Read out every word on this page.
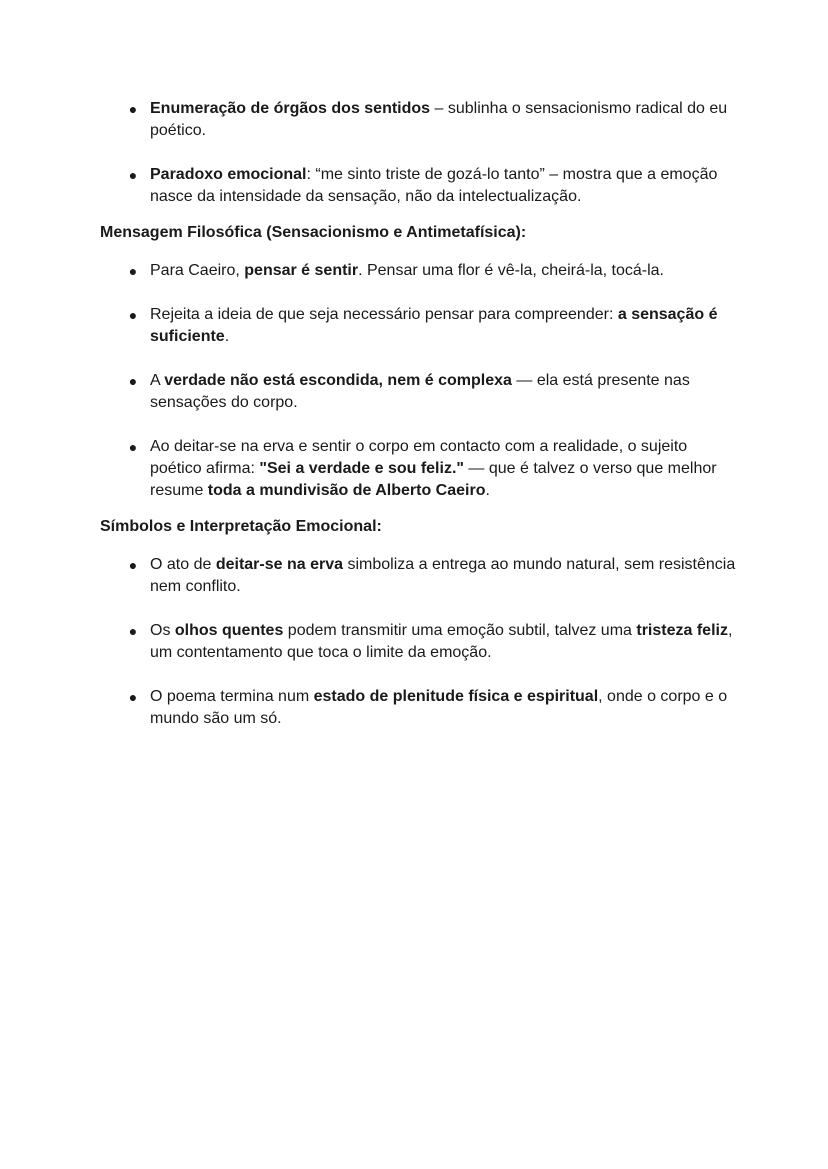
● Enumeração de órgãos dos sentidos – sublinha o sensacionismo radical do eu poético.
● Paradoxo emocional: “me sinto triste de gozá-lo tanto” – mostra que a emoção nasce da intensidade da sensação, não da intelectualização.
Mensagem Filosófica (Sensacionismo e Antimetafísica):
● Para Caeiro, pensar é sentir. Pensar uma flor é vê-la, cheirá-la, tocá-la.
● Rejeita a ideia de que seja necessário pensar para compreender: a sensação é suficiente.
● A verdade não está escondida, nem é complexa — ela está presente nas sensações do corpo.
● Ao deitar-se na erva e sentir o corpo em contacto com a realidade, o sujeito poético afirma: "Sei a verdade e sou feliz." — que é talvez o verso que melhor resume toda a mundivisão de Alberto Caeiro.
Símbolos e Interpretação Emocional:
● O ato de deitar-se na erva simboliza a entrega ao mundo natural, sem resistência nem conflito.
● Os olhos quentes podem transmitir uma emoção subtil, talvez uma tristeza feliz, um contentamento que toca o limite da emoção.
● O poema termina num estado de plenitude física e espiritual, onde o corpo e o mundo são um só.
